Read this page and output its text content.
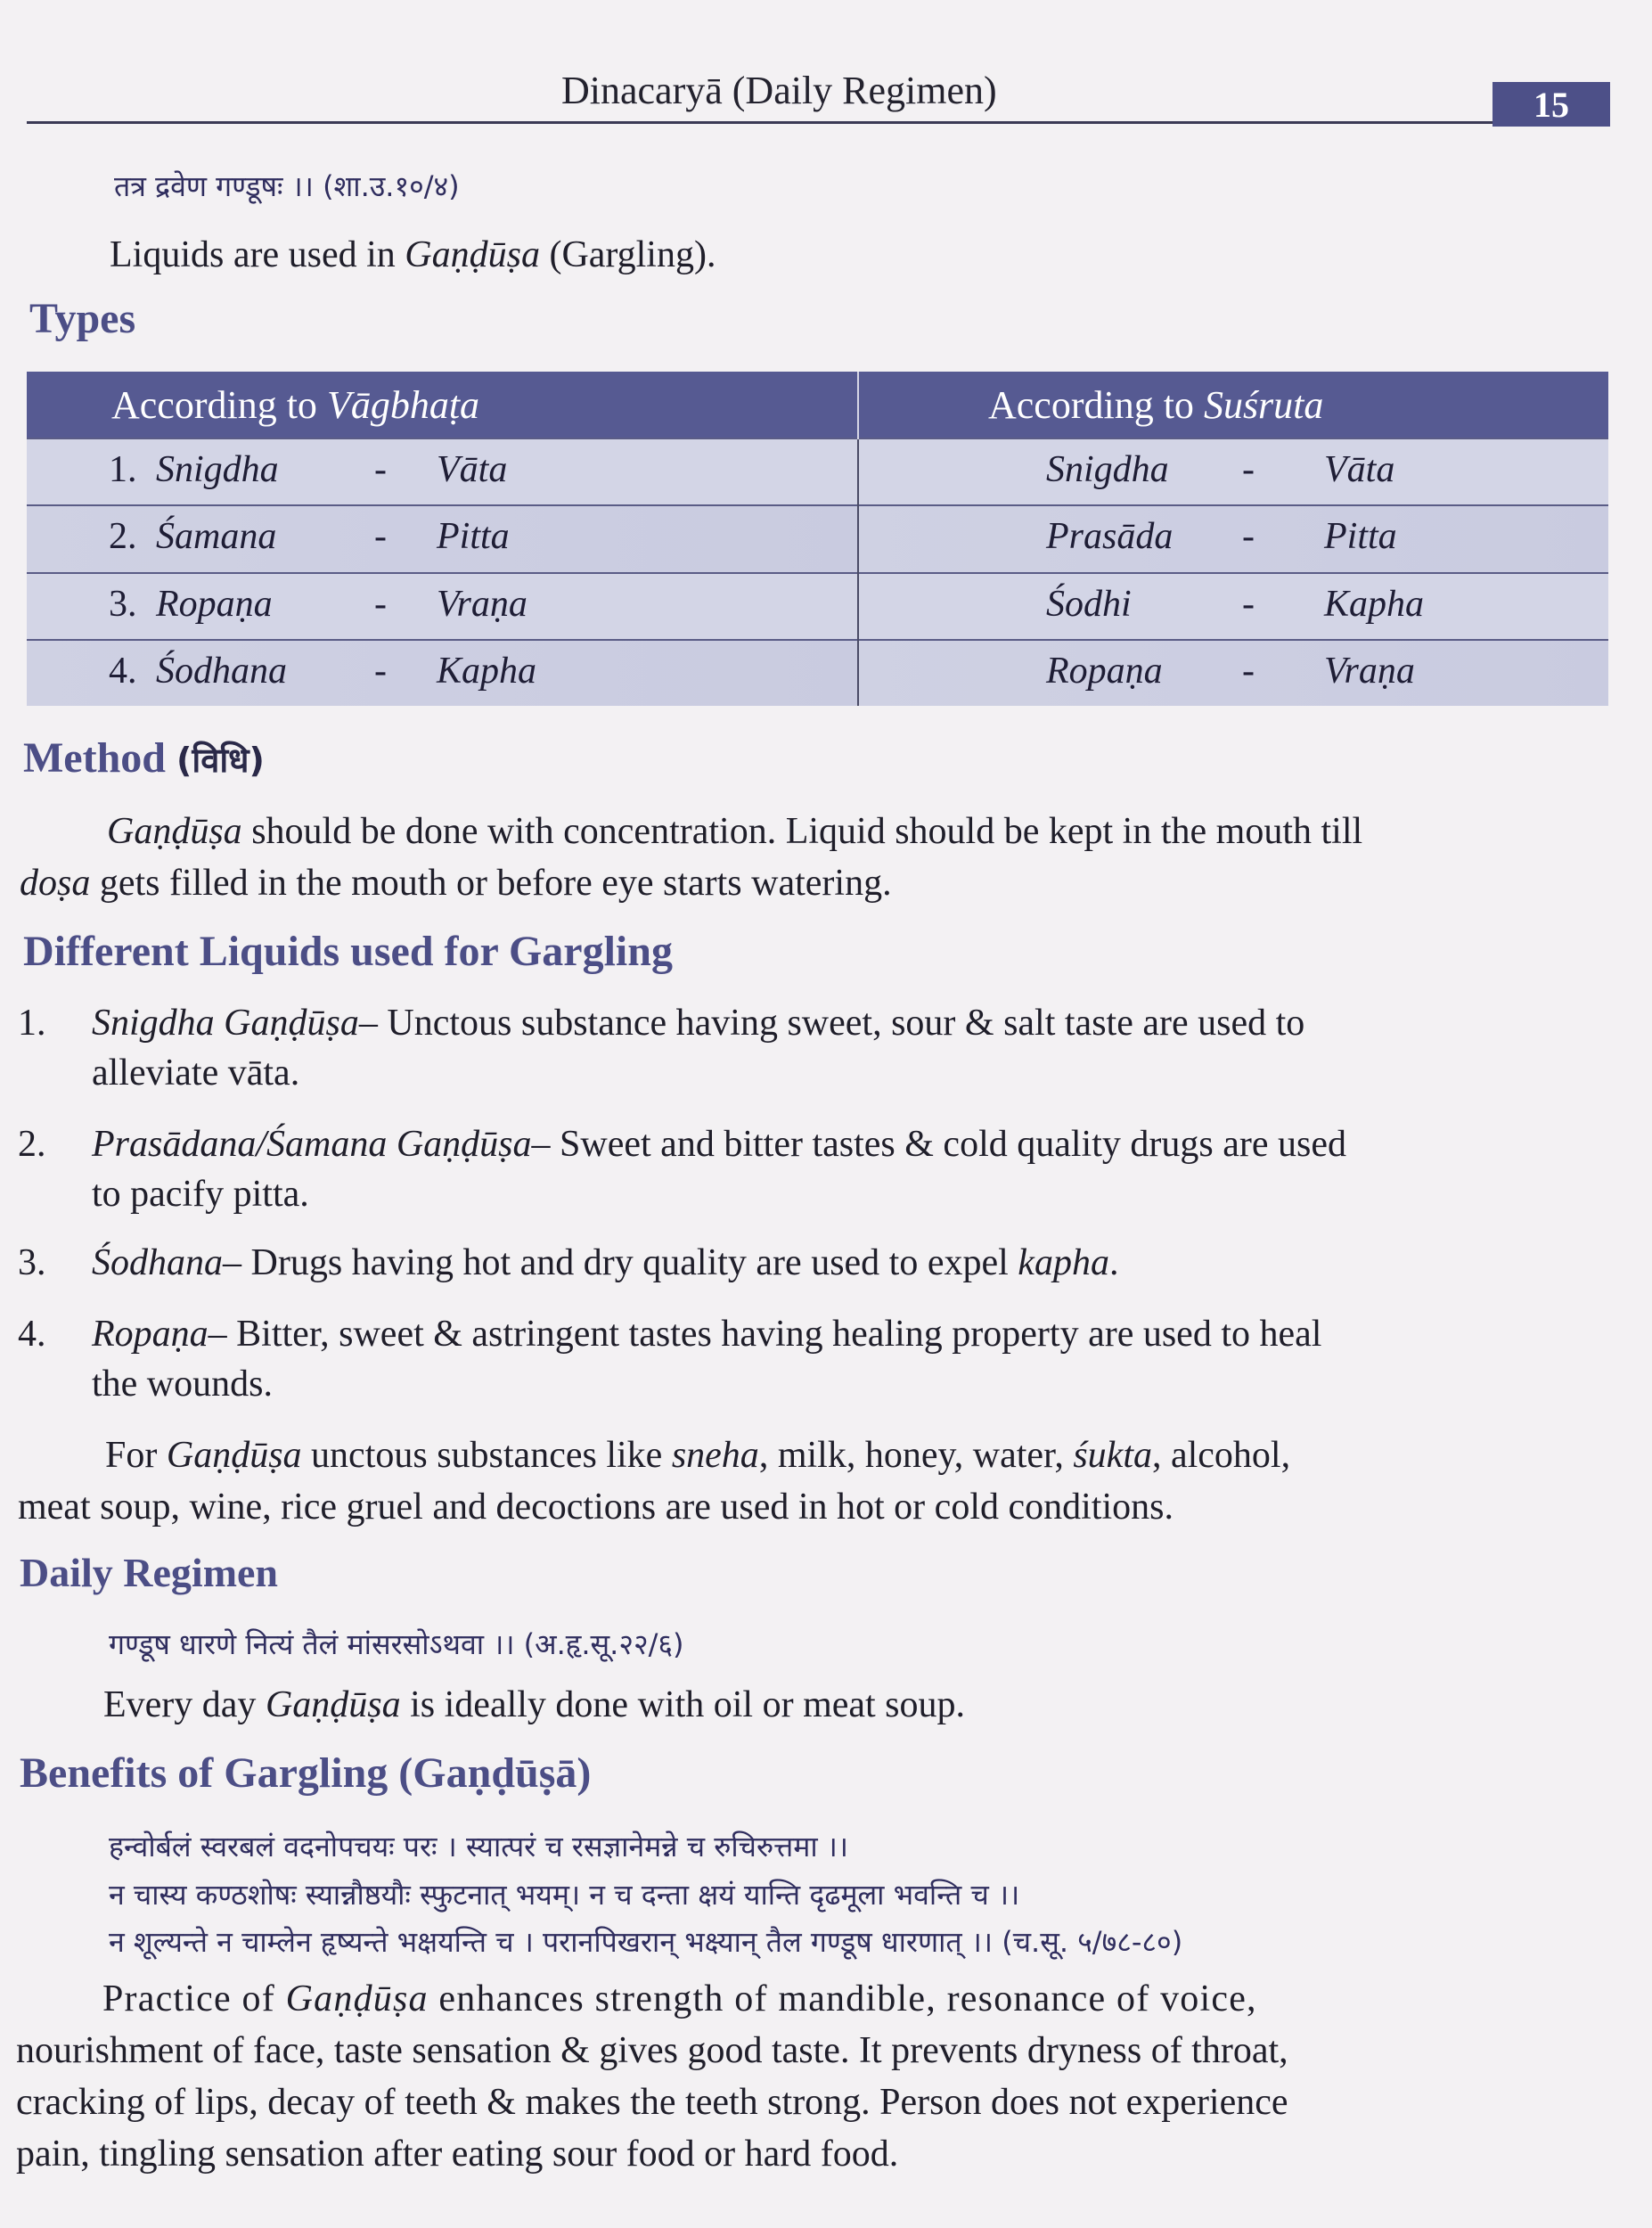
Dinacaryā (Daily Regimen)	15
तत्र द्रवेण गण्डूषः ।। (शा.उ.१०/४)
Liquids are used in Gaṇḍūṣa (Gargling).
Types
According to Vāgbhaṭa	According to Suśruta

1. Snigdha - Vāta	Snigdha - Vāta

2. Śamana - Pitta	Prasāda - Pitta

3. Ropaṇa - Vraṇa	Śodhi - Kapha

4. Śodhana - Kapha	Ropaṇa - Vraṇa
Method (विधि)
Gaṇḍūṣa should be done with concentration. Liquid should be kept in the mouth till
doṣa gets filled in the mouth or before eye starts watering.
Different Liquids used for Gargling
1. Snigdha Gaṇḍūṣa– Unctous substance having sweet, sour & salt taste are used to
alleviate vāta.
2. Prasādana/Śamana Gaṇḍūṣa– Sweet and bitter tastes & cold quality drugs are used
to pacify pitta.
3. Śodhana– Drugs having hot and dry quality are used to expel kapha.
4. Ropaṇa– Bitter, sweet & astringent tastes having healing property are used to heal
the wounds.
For Gaṇḍūṣa unctous substances like sneha, milk, honey, water, śukta, alcohol,
meat soup, wine, rice gruel and decoctions are used in hot or cold conditions.
Daily Regimen
गण्डूष धारणे नित्यं तैलं मांसरसोऽथवा ।। (अ.हृ.सू.२२/६)
Every day Gaṇḍūṣa is ideally done with oil or meat soup.
Benefits of Gargling (Gaṇḍūṣā)
हन्वोर्बलं स्वरबलं वदनोपचयः परः । स्यात्परं च रसज्ञानेमन्ने च रुचिरुत्तमा ।।
न चास्य कण्ठशोषः स्यान्नौष्ठयौः स्फुटनात् भयम्। न च दन्ता क्षयं यान्ति दृढमूला भवन्ति च ।।
न शूल्यन्ते न चाम्लेन हृष्यन्ते भक्षयन्ति च । परानपिखरान् भक्ष्यान् तैल गण्डूष धारणात् ।। (च.सू. ५/७८-८०)
Practice of Gaṇḍūṣa enhances strength of mandible, resonance of voice,
nourishment of face, taste sensation & gives good taste. It prevents dryness of throat,
cracking of lips, decay of teeth & makes the teeth strong. Person does not experience
pain, tingling sensation after eating sour food or hard food.
